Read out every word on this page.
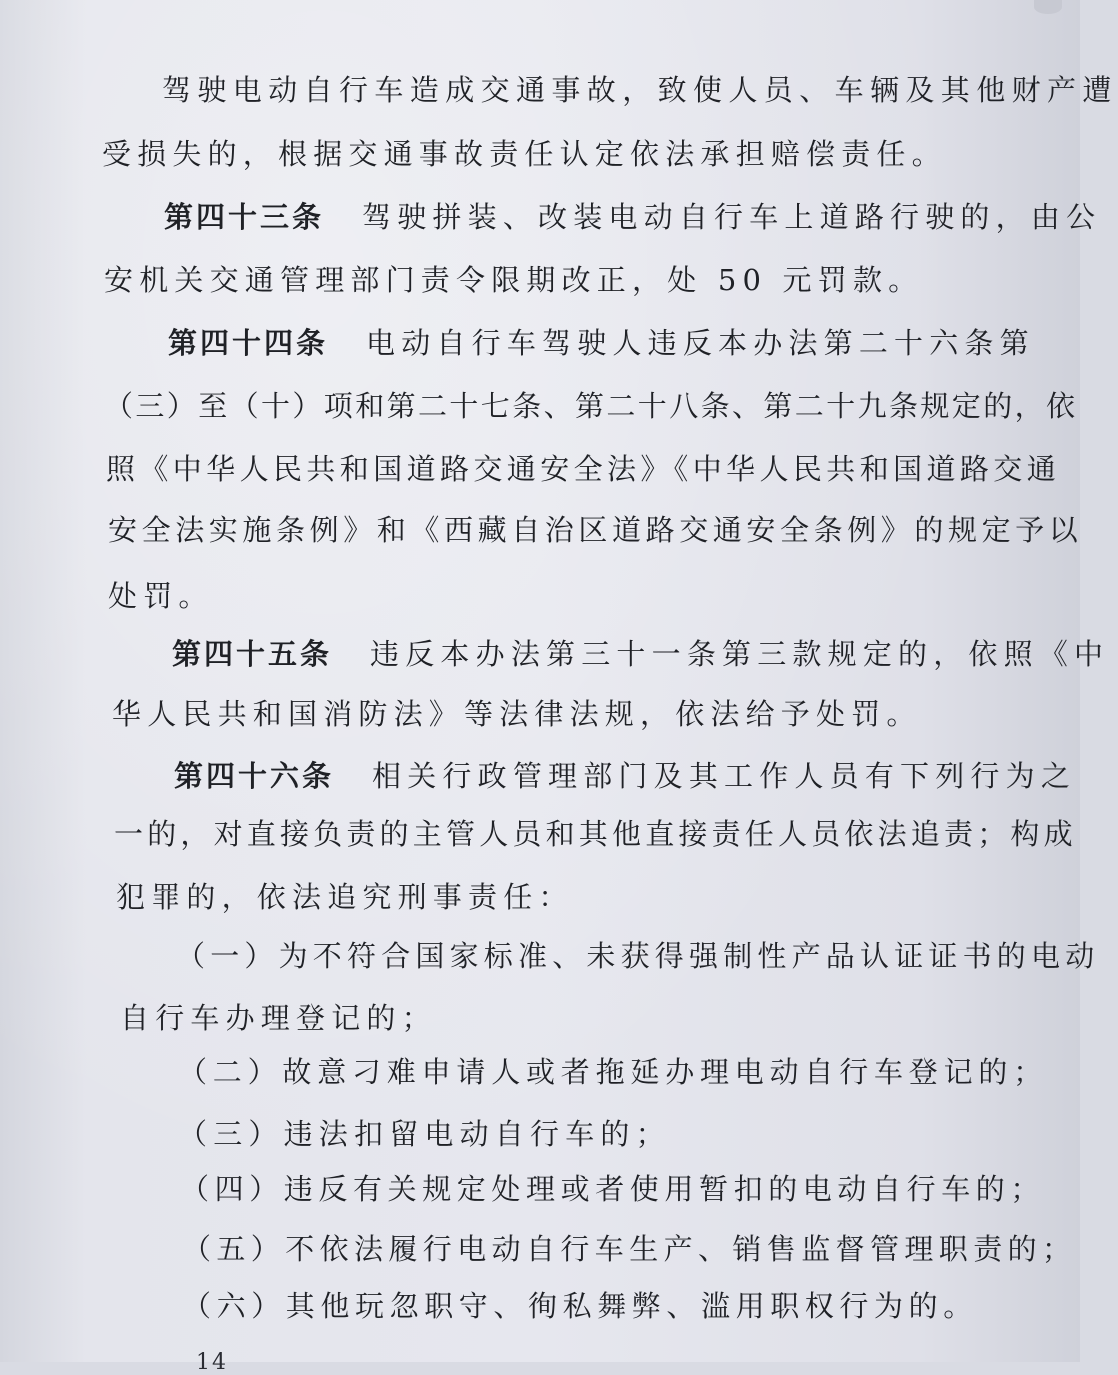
驾驶电动自行车造成交通事故，致使人员、车辆及其他财产遭
受损失的，根据交通事故责任认定依法承担赔偿责任。
第四十三条 驾驶拼装、改装电动自行车上道路行驶的，由公
安机关交通管理部门责令限期改正，处 50 元罚款。
第四十四条 电动自行车驾驶人违反本办法第二十六条第
（三）至（十）项和第二十七条、第二十八条、第二十九条规定的，依
照《中华人民共和国道路交通安全法》《中华人民共和国道路交通
安全法实施条例》和《西藏自治区道路交通安全条例》的规定予以
处罚。
第四十五条 违反本办法第三十一条第三款规定的，依照《中
华人民共和国消防法》等法律法规，依法给予处罚。
第四十六条 相关行政管理部门及其工作人员有下列行为之
一的，对直接负责的主管人员和其他直接责任人员依法追责；构成
犯罪的，依法追究刑事责任：
（一）为不符合国家标准、未获得强制性产品认证证书的电动
自行车办理登记的；
（二）故意刁难申请人或者拖延办理电动自行车登记的；
（三）违法扣留电动自行车的；
（四）违反有关规定处理或者使用暂扣的电动自行车的；
（五）不依法履行电动自行车生产、销售监督管理职责的；
（六）其他玩忽职守、徇私舞弊、滥用职权行为的。
14
